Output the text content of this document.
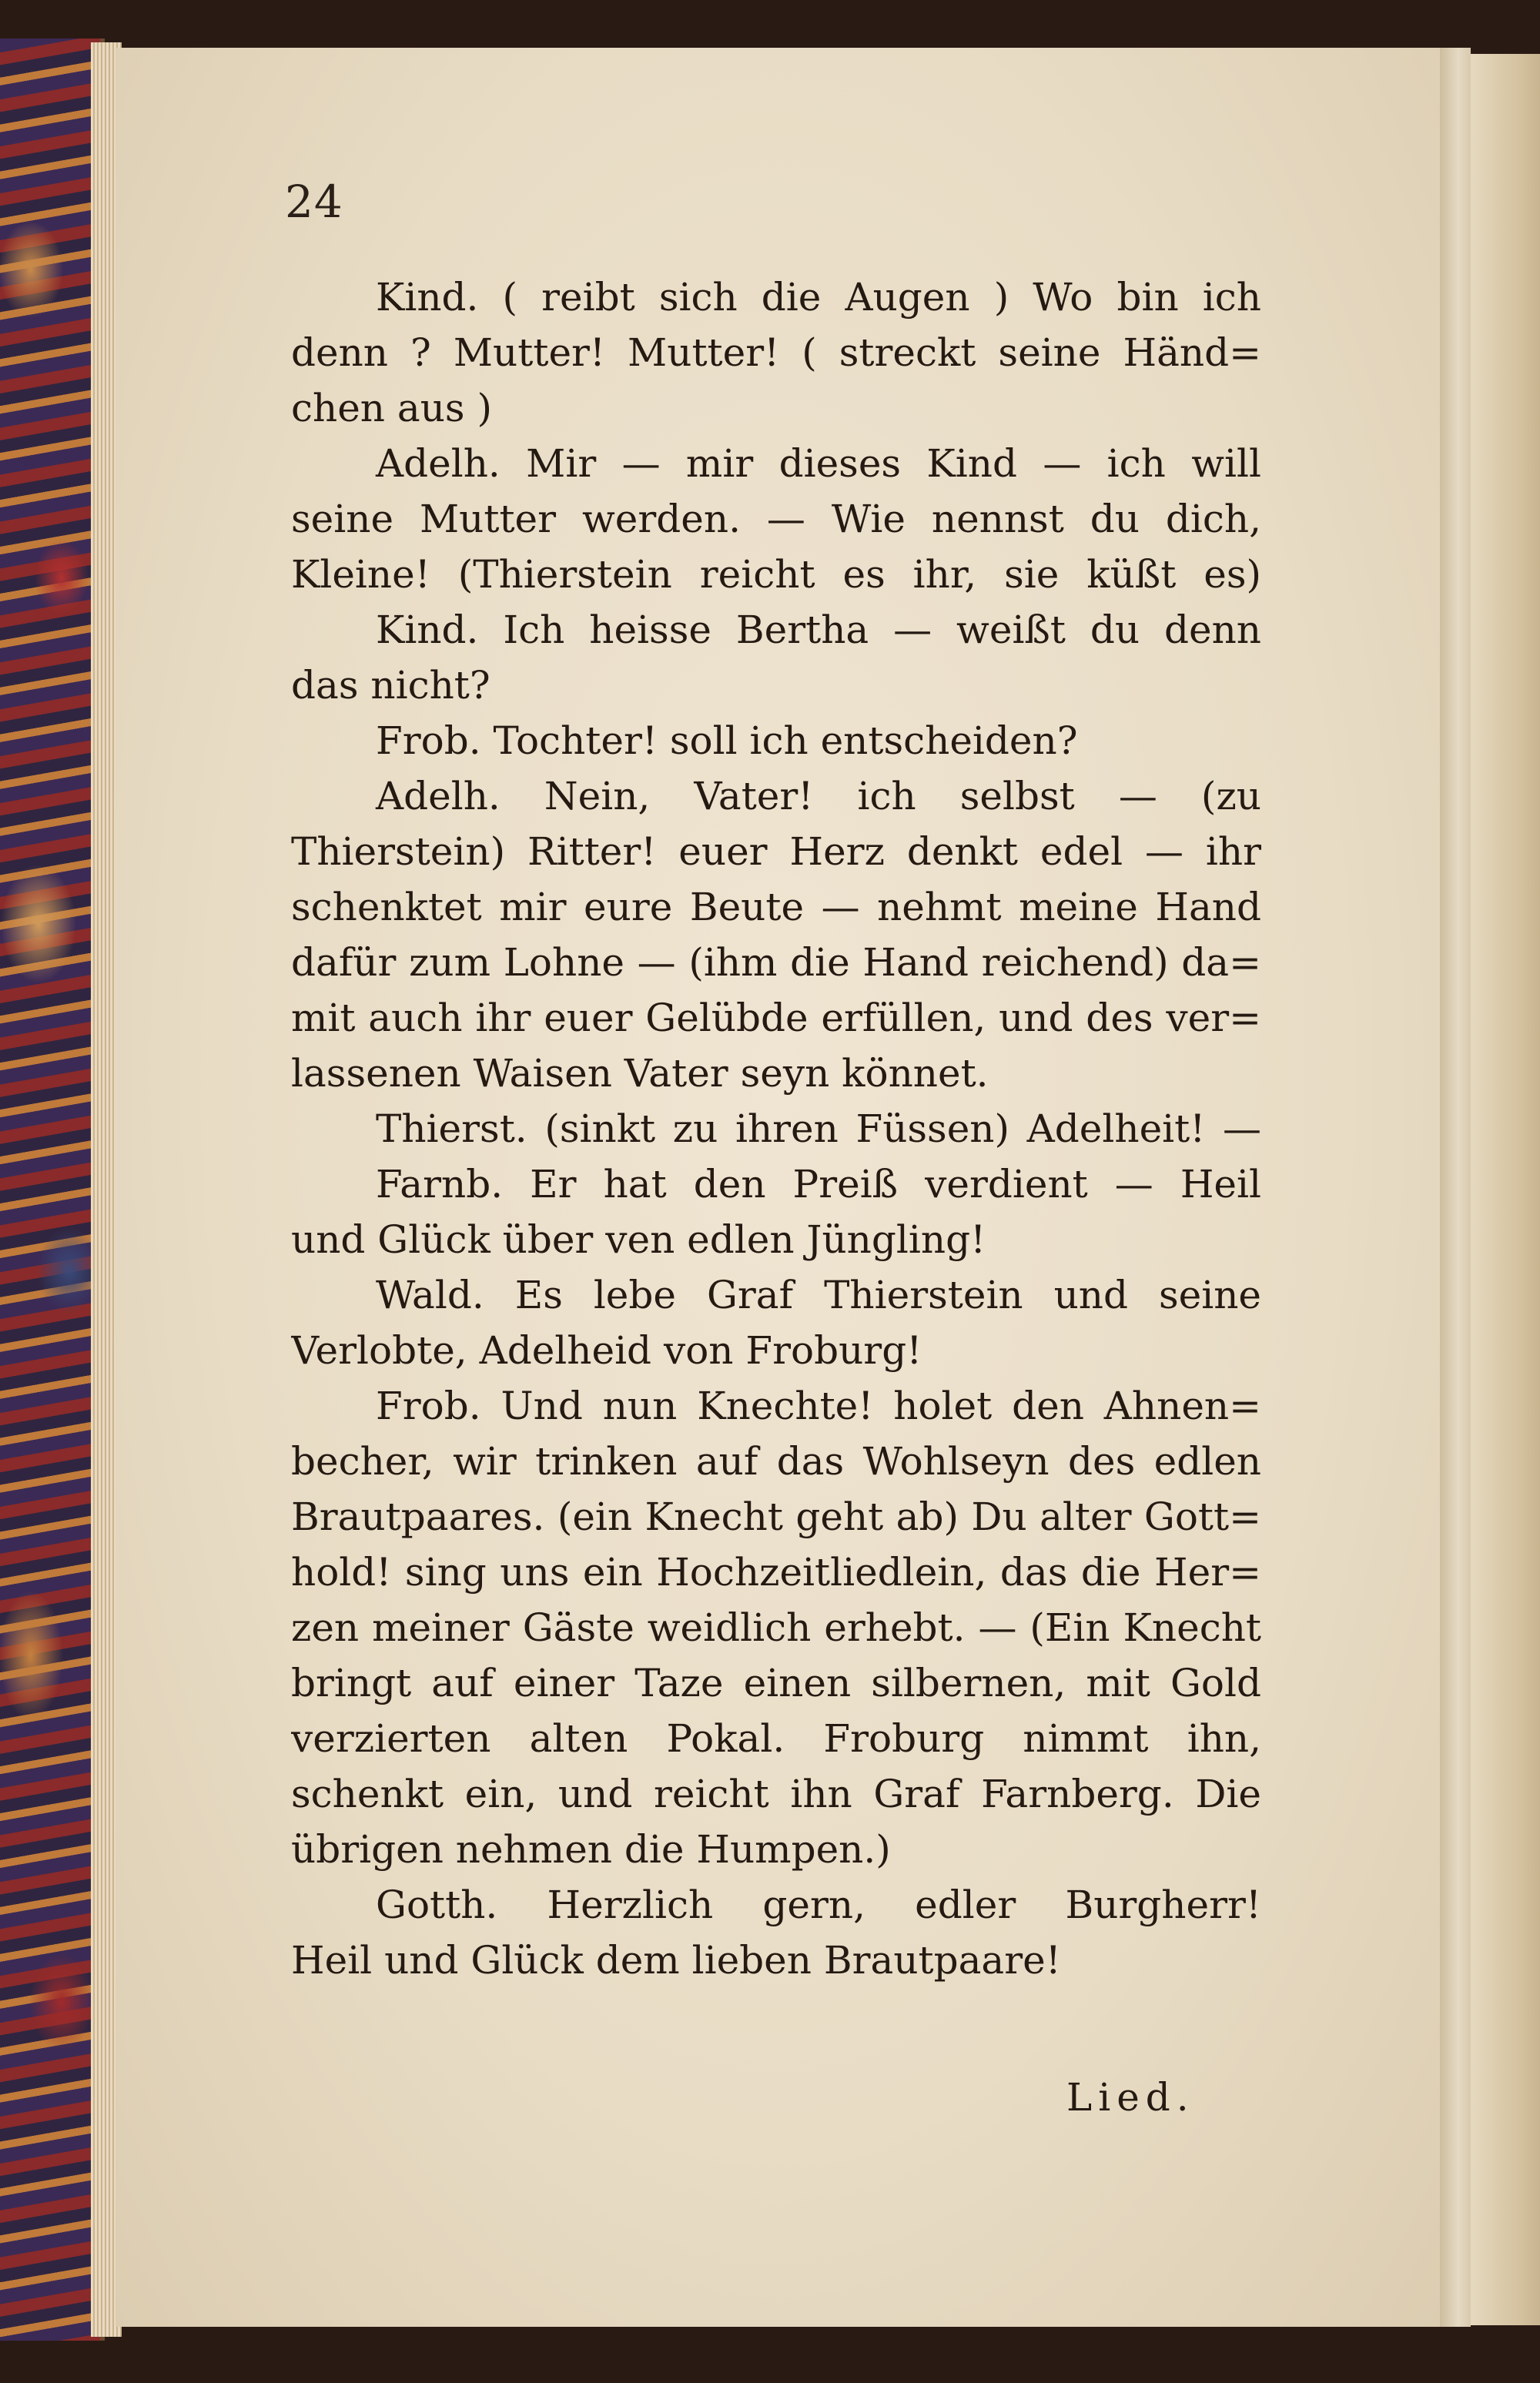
24
Kind. ( reibt sich die Augen ) Wo bin ich
denn ? Mutter! Mutter! ( streckt seine Händ=
chen aus )
Adelh. Mir — mir dieses Kind — ich will
seine Mutter werden. — Wie nennst du dich,
Kleine! (Thierstein reicht es ihr, sie küßt es)
Kind. Ich heisse Bertha — weißt du denn
das nicht?
Frob. Tochter! soll ich entscheiden?
Adelh. Nein, Vater! ich selbst — (zu
Thierstein) Ritter! euer Herz denkt edel — ihr
schenktet mir eure Beute — nehmt meine Hand
dafür zum Lohne — (ihm die Hand reichend) da=
mit auch ihr euer Gelübde erfüllen, und des ver=
lassenen Waisen Vater seyn könnet.
Thierst. (sinkt zu ihren Füssen) Adelheit! —
Farnb. Er hat den Preiß verdient — Heil
und Glück über ven edlen Jüngling!
Wald. Es lebe Graf Thierstein und seine
Verlobte, Adelheid von Froburg!
Frob. Und nun Knechte! holet den Ahnen=
becher, wir trinken auf das Wohlseyn des edlen
Brautpaares. (ein Knecht geht ab) Du alter Gott=
hold! sing uns ein Hochzeitliedlein, das die Her=
zen meiner Gäste weidlich erhebt. — (Ein Knecht
bringt auf einer Taze einen silbernen, mit Gold
verzierten alten Pokal. Froburg nimmt ihn,
schenkt ein, und reicht ihn Graf Farnberg. Die
übrigen nehmen die Humpen.)
Gotth. Herzlich gern, edler Burgherr!
Heil und Glück dem lieben Brautpaare!
Lied.
